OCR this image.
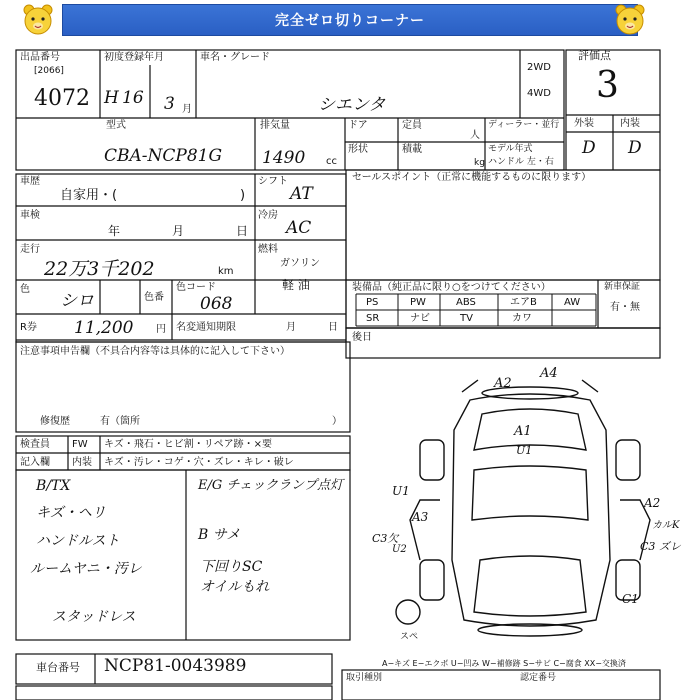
完全ゼロ切りコーナー
出品番号
[2066]
4072
初度登録年月
H 16 3 月
車名・グレード
シエンタ
2WD
4WD
評価点
3
外装	内装
D D
型式
CBA-NCP81G
排気量
1490 cc
ドア	定員
人
ディーラー・並行
形状	積載
kg
モデル年式
ハンドル 左・右
車歴
自家用・(	)
シフト
AT
車検
年	月	日
冷房
AC
走行
22万3千202	km
燃料
ガソリン
軽 油
色
シロ	色番
色コード
068
R券 11,200 円 名変通知期限	月	日
セールスポイント（正常に機能するものに限ります）
装備品（純正品に限り○をつけてください）	新車保証
有・無
PS	PW	ABS	エアB	AW
SR	ナビ	TV	カワ
後日
注意事項申告欄（不具合内容等は具体的に記入して下さい）
修復歴	有（箇所	）
検査員 FW キズ・飛石・ヒビ割・リペア跡・×要
記入欄 内装 キズ・汚レ・コゲ・穴・ズレ・キレ・破レ
B/TX
キズ・ヘリ
ハンドルスト
ルームヤニ・汚レ
スタッドレス
E/G チェックランプ点灯
B サメ
下回りSC
オイルもれ
A2
A4
A1
U1
U1
A3
C3欠
U2
A2
カルK
C3 ズレ
C1
スペ
A−キズ E−エクボ U−凹み W−補修跡 S−サビ C−腐食 XX−交換済
車台番号 NCP81-0043989
取引種別	認定番号
